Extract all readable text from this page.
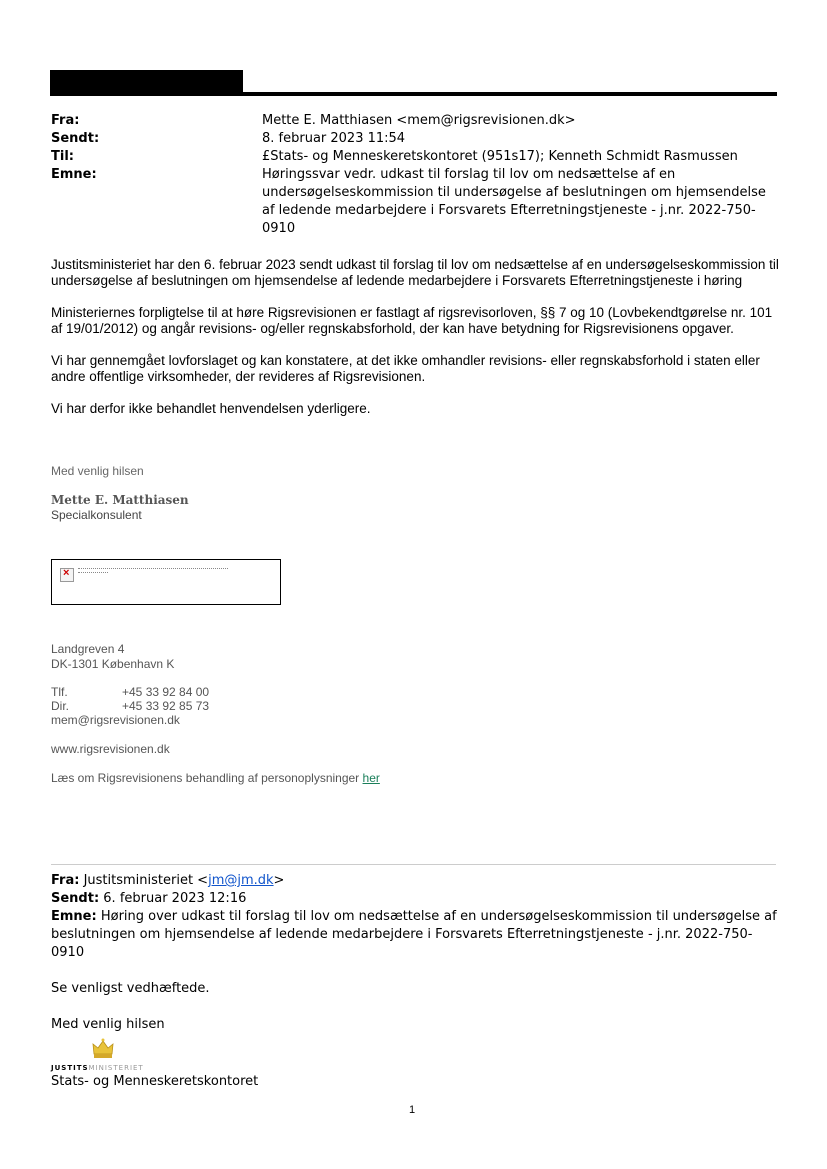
Fra:	Mette E. Matthiasen <mem@rigsrevisionen.dk>
Sendt:	8. februar 2023 11:54
Til:	£Stats- og Menneskeretskontoret (951s17); Kenneth Schmidt Rasmussen
Emne:	Høringssvar vedr. udkast til forslag til lov om nedsættelse af en undersøgelseskommission til undersøgelse af beslutningen om hjemsendelse af ledende medarbejdere i Forsvarets Efterretningstjeneste - j.nr. 2022-750-0910

Justitsministeriet har den 6. februar 2023 sendt udkast til forslag til lov om nedsættelse af en undersøgelseskommission til undersøgelse af beslutningen om hjemsendelse af ledende medarbejdere i Forsvarets Efterretningstjeneste i høring

Ministeriernes forpligtelse til at høre Rigsrevisionen er fastlagt af rigsrevisorloven, §§ 7 og 10 (Lovbekendtgørelse nr. 101 af 19/01/2012) og angår revisions- og/eller regnskabsforhold, der kan have betydning for Rigsrevisionens opgaver.

Vi har gennemgået lovforslaget og kan konstatere, at det ikke omhandler revisions- eller regnskabsforhold i staten eller andre offentlige virksomheder, der revideres af Rigsrevisionen.

Vi har derfor ikke behandlet henvendelsen yderligere.

Med venlig hilsen
Mette E. Matthiasen
Specialkonsulent
×
Landgreven 4
DK-1301 København K
Tlf.	+45 33 92 84 00
Dir.	+45 33 92 85 73
mem@rigsrevisionen.dk
www.rigsrevisionen.dk
Læs om Rigsrevisionens behandling af personoplysninger her

Fra: Justitsministeriet <jm@jm.dk>

Sendt: 6. februar 2023 12:16

Emne: Høring over udkast til forslag til lov om nedsættelse af en undersøgelseskommission til undersøgelse af beslutningen om hjemsendelse af ledende medarbejdere i Forsvarets Efterretningstjeneste - j.nr. 2022-750-0910

Se venligst vedhæftede.

Med venlig hilsen

JUSTITSMINISTERIET
Stats- og Menneskeretskontoret
1
